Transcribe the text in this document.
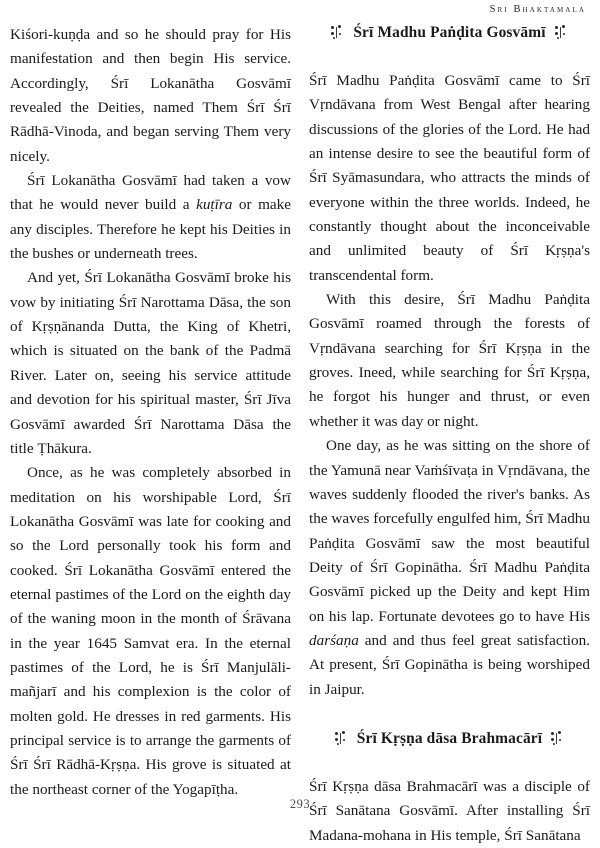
Sri Bhaktamala

Kiśori-kuṇḍa and so he should pray for His manifestation and then begin His service. Accordingly, Śrī Lokanātha Gosvāmī revealed the Deities, named Them Śrī Śrī Rādhā-Vinoda, and began serving Them very nicely.

Śrī Lokanātha Gosvāmī had taken a vow that he would never build a kuṭīra or make any disciples. Therefore he kept his Deities in the bushes or underneath trees.

And yet, Śrī Lokanātha Gosvāmī broke his vow by initiating Śrī Narottama Dāsa, the son of Kṛṣṇānanda Dutta, the King of Khetri, which is situated on the bank of the Padmā River. Later on, seeing his service attitude and devotion for his spiritual master, Śrī Jīva Gosvāmī awarded Śrī Narottama Dāsa the title Ṭhākura.

Once, as he was completely absorbed in meditation on his worshipable Lord, Śrī Lokanātha Gosvāmī was late for cooking and so the Lord personally took his form and cooked. Śrī Lokanātha Gosvāmī entered the eternal pastimes of the Lord on the eighth day of the waning moon in the month of Śrāvana in the year 1645 Samvat era. In the eternal pastimes of the Lord, he is Śrī Manjulāli-mañjarī and his complexion is the color of molten gold. He dresses in red garments. His principal service is to arrange the garments of Śrī Śrī Rādhā-Kṛṣṇa. His grove is situated at the northeast corner of the Yogapīṭha.

Śrī Madhu Paṅḍita Gosvāmī

Śrī Madhu Paṅḍita Gosvāmī came to Śrī Vṛndāvana from West Bengal after hearing discussions of the glories of the Lord. He had an intense desire to see the beautiful form of Śrī Syāmasundara, who attracts the minds of everyone within the three worlds. Indeed, he constantly thought about the inconceivable and unlimited beauty of Śrī Kṛṣṇa's transcendental form.

With this desire, Śrī Madhu Paṅḍita Gosvāmī roamed through the forests of Vṛndāvana searching for Śrī Kṛṣṇa in the groves. Ineed, while searching for Śrī Kṛṣṇa, he forgot his hunger and thrust, or even whether it was day or night.

One day, as he was sitting on the shore of the Yamunā near Vaṁśīvaṭa in Vṛndāvana, the waves suddenly flooded the river's banks. As the waves forcefully engulfed him, Śrī Madhu Paṅḍita Gosvāmī saw the most beautiful Deity of Śrī Gopinātha. Śrī Madhu Paṅḍita Gosvāmī picked up the Deity and kept Him on his lap. Fortunate devotees go to have His darśaṇa and and thus feel great satisfaction. At present, Śrī Gopinātha is being worshiped in Jaipur.

Śrī Kṛṣṇa dāsa Brahmacārī

Śrī Kṛṣṇa dāsa Brahmacārī was a disciple of Śrī Sanātana Gosvāmī. After installing Śrī Madana-mohana in His temple, Śrī Sanātana

293
